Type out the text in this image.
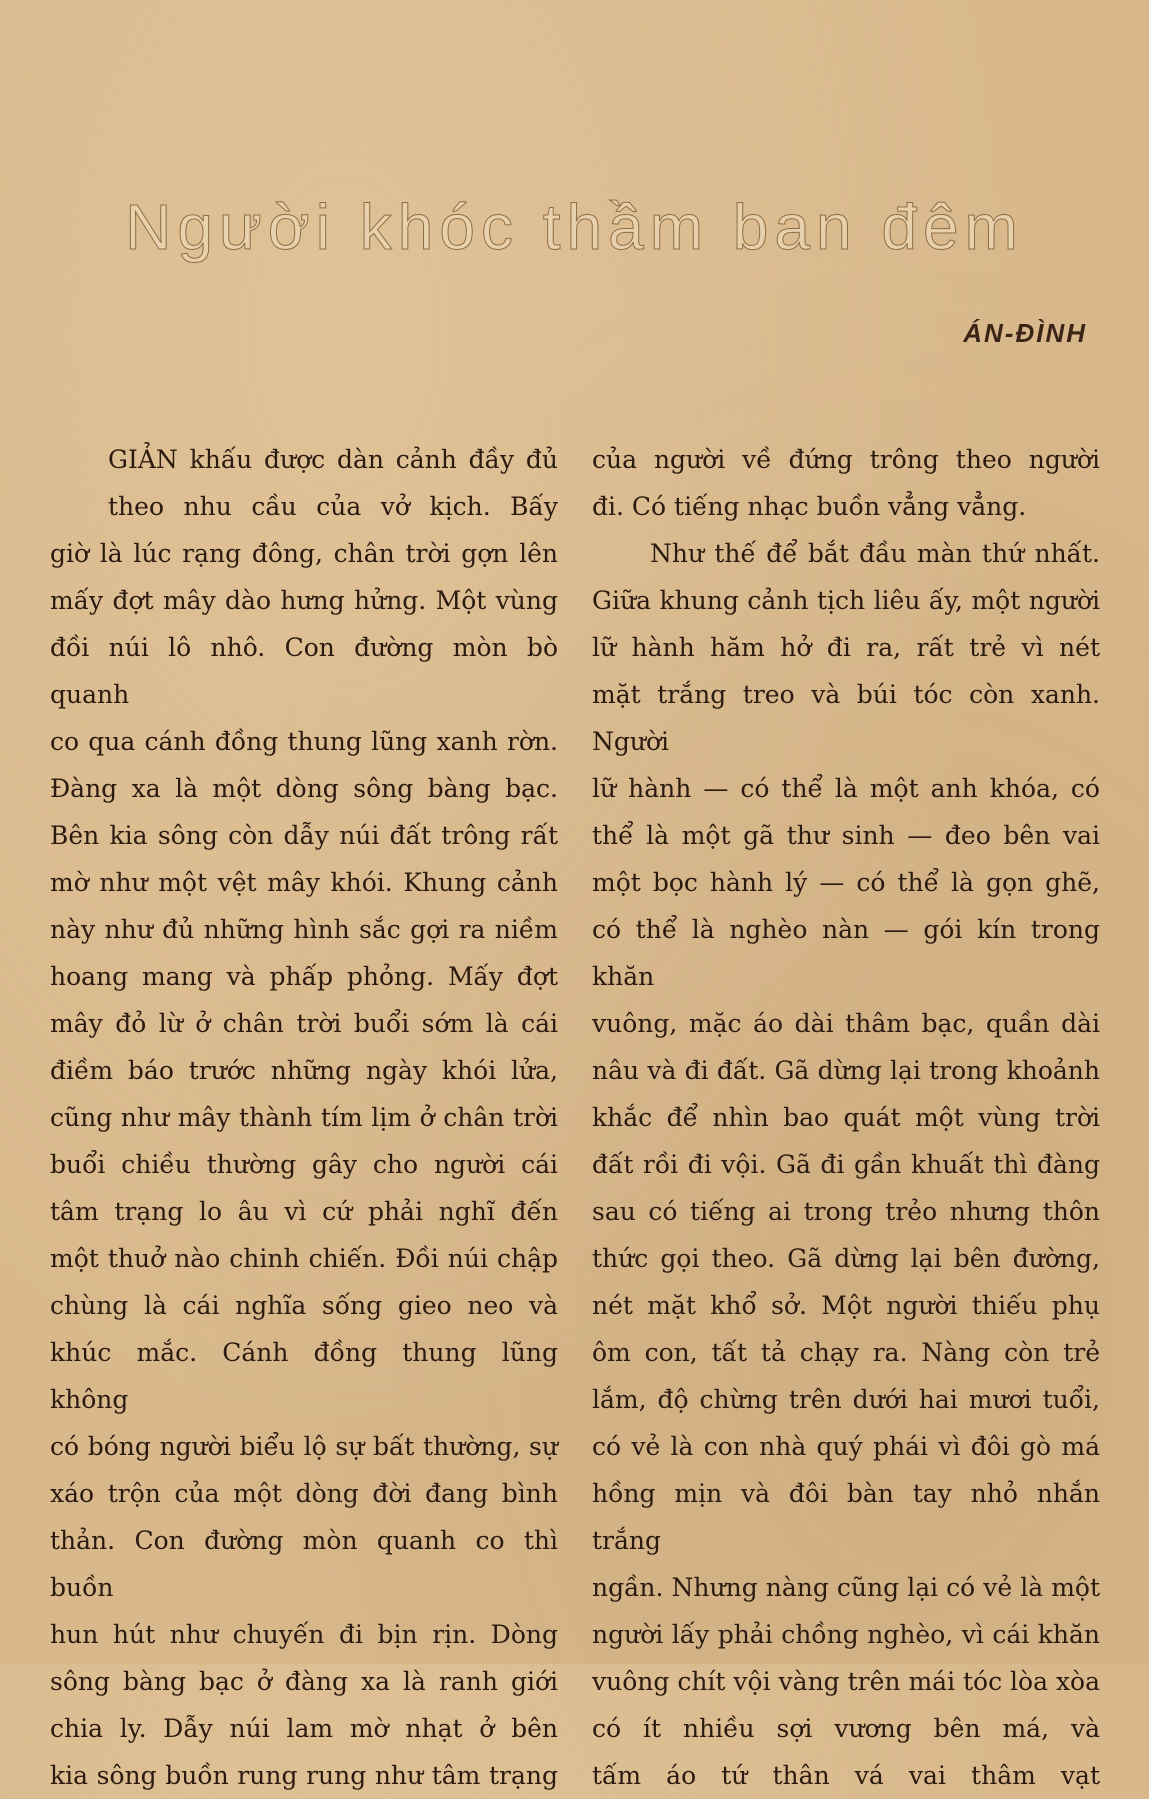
Người khóc thầm ban đêm
ÁN-ĐÌNH

GIẢN khấu được dàn cảnh đầy đủ

theo nhu cầu của vở kịch. Bấy

giờ là lúc rạng đông, chân trời gợn lên

mấy đợt mây dào hưng hửng. Một vùng

đồi núi lô nhô. Con đường mòn bò quanh

co qua cánh đồng thung lũng xanh rờn.

Đàng xa là một dòng sông bàng bạc.

Bên kia sông còn dẫy núi đất trông rất

mờ như một vệt mây khói. Khung cảnh

này như đủ những hình sắc gợi ra niềm

hoang mang và phấp phỏng. Mấy đợt

mây đỏ lừ ở chân trời buổi sớm là cái

điềm báo trước những ngày khói lửa,

cũng như mây thành tím lịm ở chân trời

buổi chiều thường gây cho người cái

tâm trạng lo âu vì cứ phải nghĩ đến

một thuở nào chinh chiến. Đồi núi chập

chùng là cái nghĩa sống gieo neo và

khúc mắc. Cánh đồng thung lũng không

có bóng người biểu lộ sự bất thường, sự

xáo trộn của một dòng đời đang bình

thản. Con đường mòn quanh co thì buồn

hun hút như chuyến đi bịn rịn. Dòng

sông bàng bạc ở đàng xa là ranh giới

chia ly. Dẫy núi lam mờ nhạt ở bên

kia sông buồn rung rung như tâm trạng

của người về đứng trông theo người

đi. Có tiếng nhạc buồn vẳng vẳng.

Như thế để bắt đầu màn thứ nhất.

Giữa khung cảnh tịch liêu ấy, một người

lữ hành hăm hở đi ra, rất trẻ vì nét

mặt trắng treo và búi tóc còn xanh. Người

lữ hành — có thể là một anh khóa, có

thể là một gã thư sinh — đeo bên vai

một bọc hành lý — có thể là gọn ghẽ,

có thể là nghèo nàn — gói kín trong khăn

vuông, mặc áo dài thâm bạc, quần dài

nâu và đi đất. Gã dừng lại trong khoảnh

khắc để nhìn bao quát một vùng trời

đất rồi đi vội. Gã đi gần khuất thì đàng

sau có tiếng ai trong trẻo nhưng thôn

thức gọi theo. Gã dừng lại bên đường,

nét mặt khổ sở. Một người thiếu phụ

ôm con, tất tả chạy ra. Nàng còn trẻ

lắm, độ chừng trên dưới hai mươi tuổi,

có vẻ là con nhà quý phái vì đôi gò má

hồng mịn và đôi bàn tay nhỏ nhắn trắng

ngần. Nhưng nàng cũng lại có vẻ là một

người lấy phải chồng nghèo, vì cái khăn

vuông chít vội vàng trên mái tóc lòa xòa

có ít nhiều sợi vương bên má, và

tấm áo tứ thân vá vai thâm vạt
